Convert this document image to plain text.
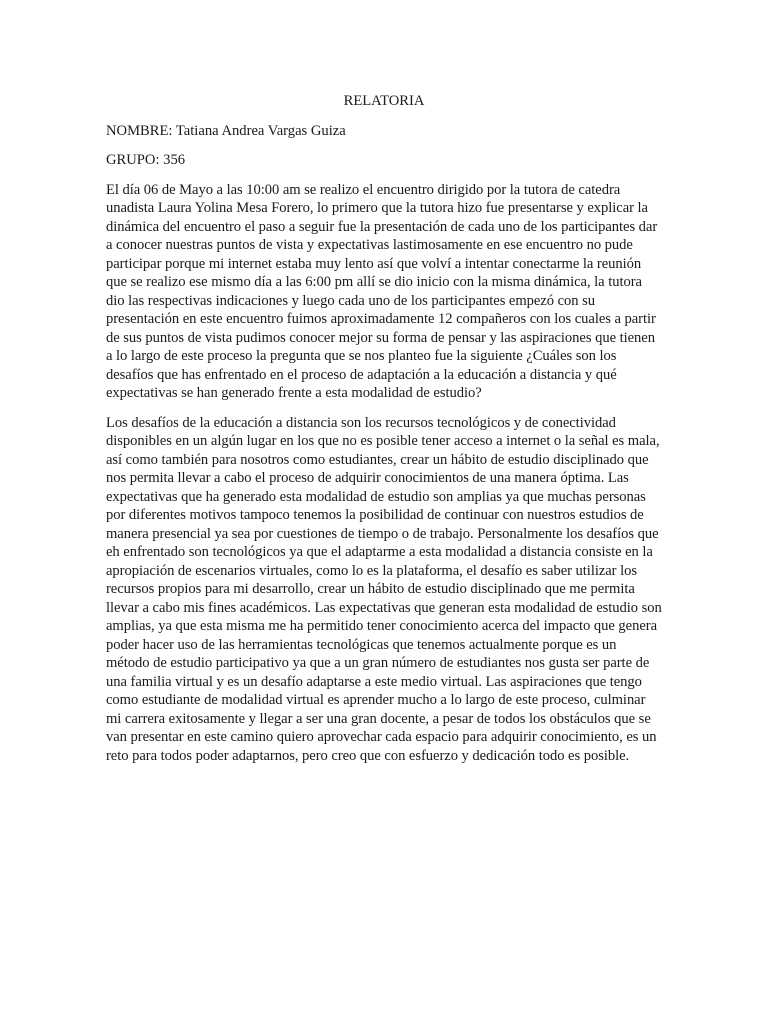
RELATORIA
NOMBRE: Tatiana Andrea Vargas Guiza
GRUPO: 356

El día 06 de Mayo a las 10:00 am se realizo el encuentro dirigido por la tutora de catedra unadista Laura Yolina Mesa Forero, lo primero que la tutora hizo fue presentarse y explicar la dinámica del encuentro el paso a seguir fue la presentación de cada uno de los participantes dar a conocer nuestras puntos de vista y expectativas lastimosamente en ese encuentro no pude participar porque mi internet estaba muy lento así que volví a intentar conectarme la reunión que se realizo ese mismo día a las 6:00 pm allí se dio inicio con la misma dinámica, la tutora dio las respectivas indicaciones y luego cada uno de los participantes empezó con su presentación en este encuentro fuimos aproximadamente 12 compañeros con los cuales a partir de sus puntos de vista pudimos conocer mejor su forma de pensar y las aspiraciones que tienen a lo largo de este proceso la pregunta que se nos planteo fue la siguiente ¿Cuáles son los desafíos que has enfrentado en el proceso de adaptación a la educación a distancia y qué expectativas se han generado frente a esta modalidad de estudio?

Los desafíos de la educación a distancia son los recursos tecnológicos y de conectividad disponibles en un algún lugar en los que no es posible tener acceso a internet o la señal es mala, así como también para nosotros como estudiantes, crear un hábito de estudio disciplinado que nos permita llevar a cabo el proceso de adquirir conocimientos de una manera óptima. Las expectativas que ha generado esta modalidad de estudio son amplias ya que muchas personas por diferentes motivos tampoco tenemos la posibilidad de continuar con nuestros estudios de manera presencial ya sea por cuestiones de tiempo o de trabajo. Personalmente los desafíos que eh enfrentado son tecnológicos ya que el adaptarme a esta modalidad a distancia consiste en la apropiación de escenarios virtuales, como lo es la plataforma, el desafío es saber utilizar los recursos propios para mi desarrollo, crear un hábito de estudio disciplinado que me permita llevar a cabo mis fines académicos. Las expectativas que generan esta modalidad de estudio son amplias, ya que esta misma me ha permitido tener conocimiento acerca del impacto que genera poder hacer uso de las herramientas tecnológicas que tenemos actualmente porque es un método de estudio participativo ya que a un gran número de estudiantes nos gusta ser parte de una familia virtual y es un desafío adaptarse a este medio virtual. Las aspiraciones que tengo como estudiante de modalidad virtual es aprender mucho a lo largo de este proceso, culminar mi carrera exitosamente y llegar a ser una gran docente, a pesar de todos los obstáculos que se van presentar en este camino quiero aprovechar cada espacio para adquirir conocimiento, es un reto para todos poder adaptarnos, pero creo que con esfuerzo y dedicación todo es posible.
